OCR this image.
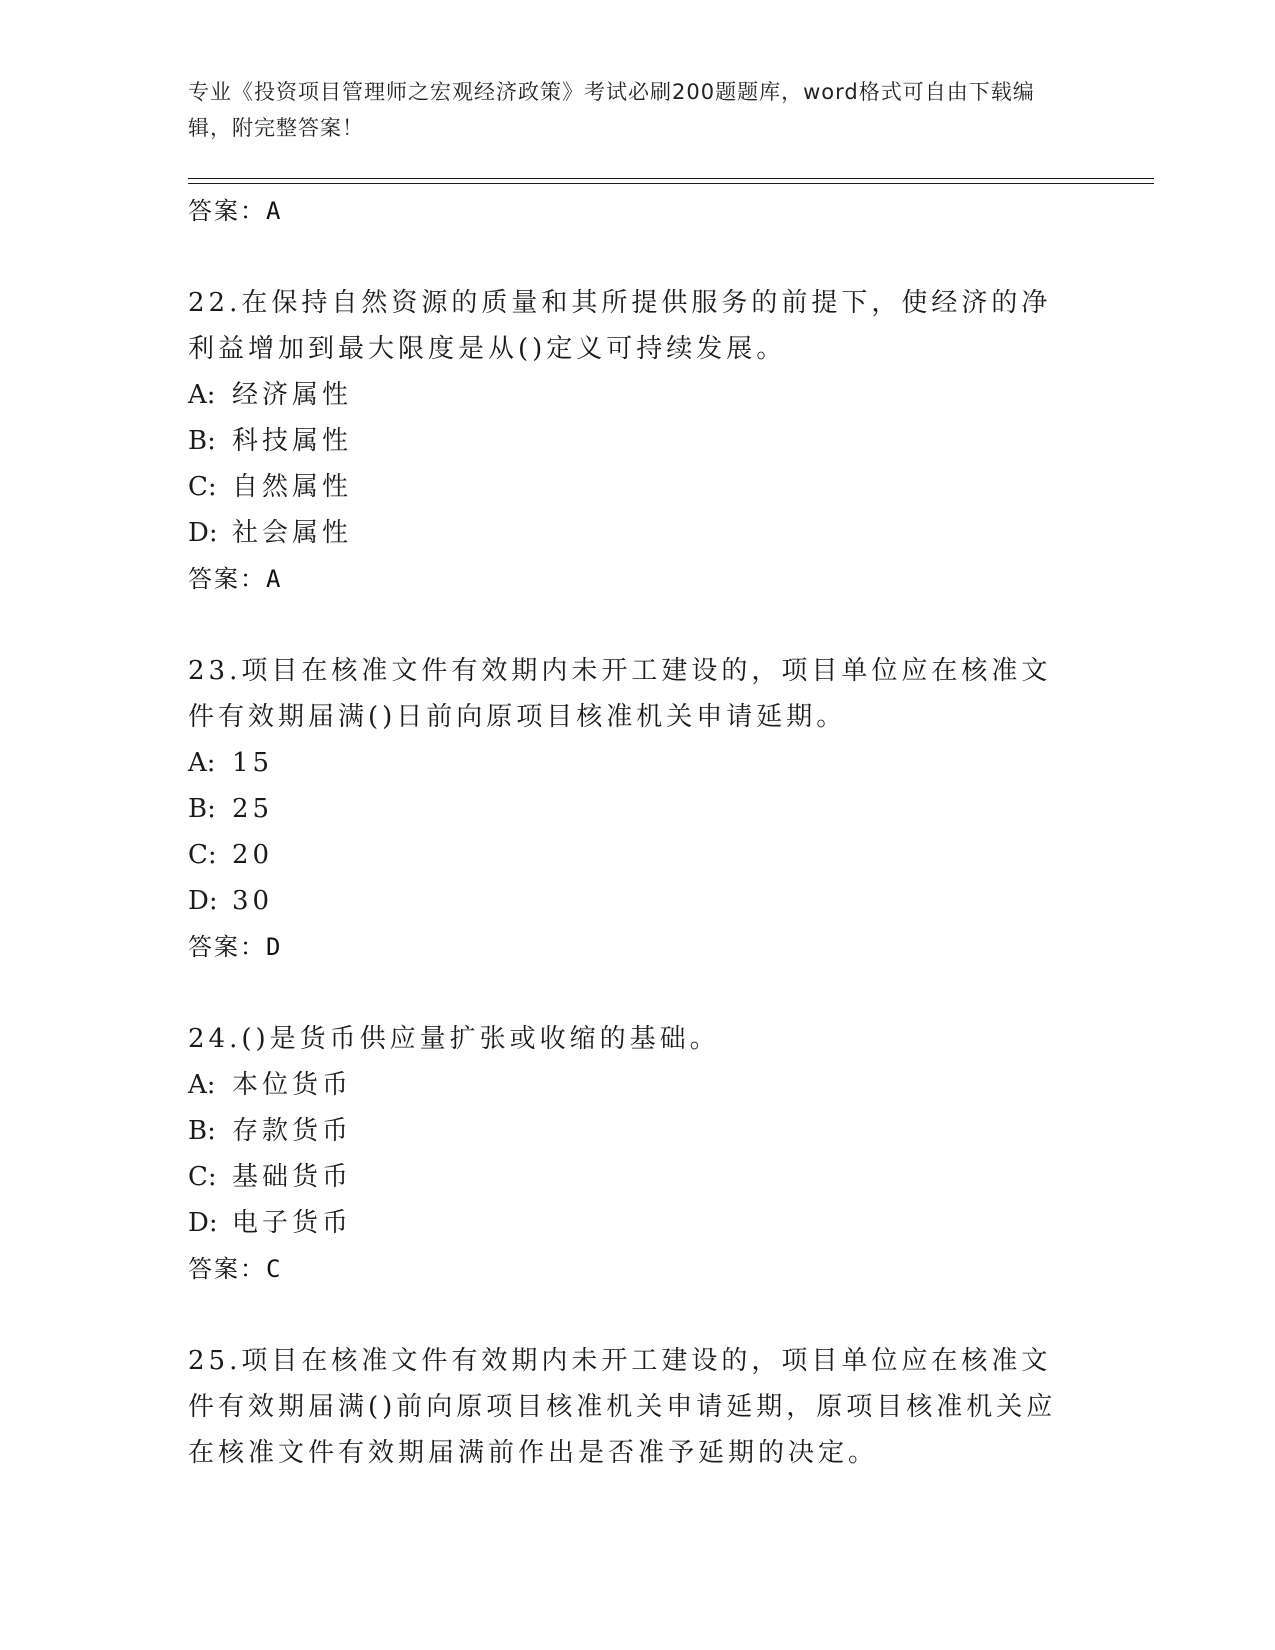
专业《投资项目管理师之宏观经济政策》考试必刷200题题库，word格式可自由下载编辑，附完整答案！
答案：A
22.在保持自然资源的质量和其所提供服务的前提下，使经济的净利益增加到最大限度是从()定义可持续发展。
A: 经济属性
B: 科技属性
C: 自然属性
D: 社会属性
答案：A
23.项目在核准文件有效期内未开工建设的，项目单位应在核准文件有效期届满()日前向原项目核准机关申请延期。
A: 15
B: 25
C: 20
D: 30
答案：D
24.()是货币供应量扩张或收缩的基础。
A: 本位货币
B: 存款货币
C: 基础货币
D: 电子货币
答案：C
25.项目在核准文件有效期内未开工建设的，项目单位应在核准文件有效期届满()前向原项目核准机关申请延期，原项目核准机关应在核准文件有效期届满前作出是否准予延期的决定。
